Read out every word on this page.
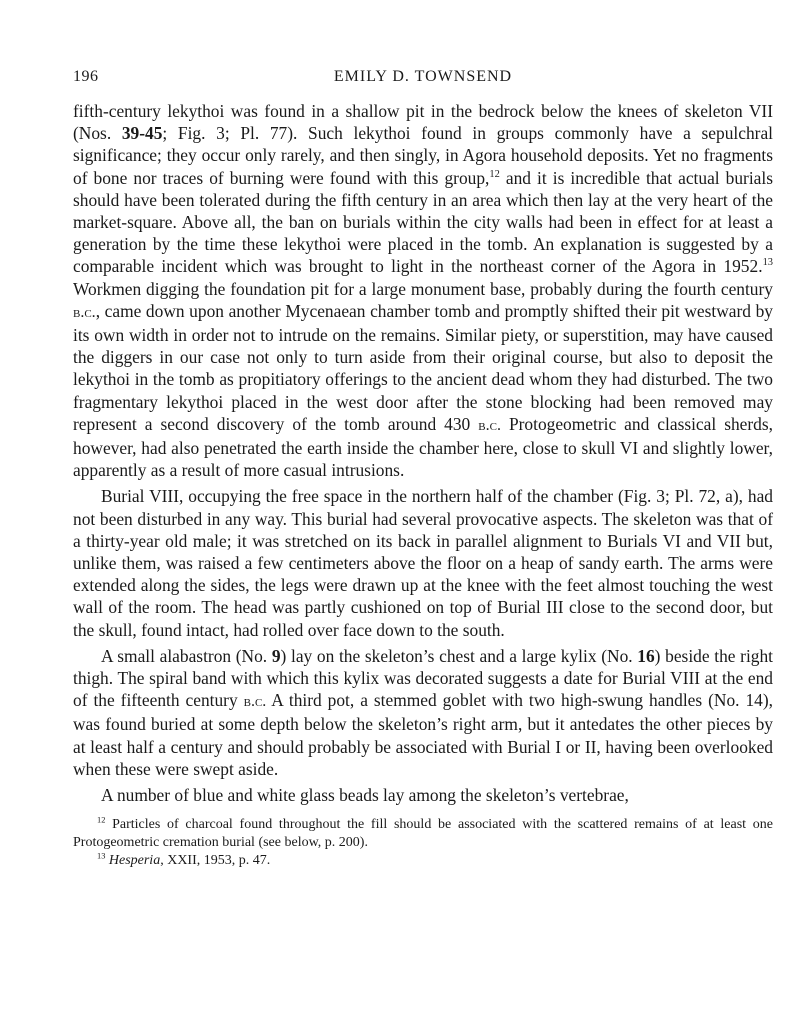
196	EMILY D. TOWNSEND

fifth-century lekythoi was found in a shallow pit in the bedrock below the knees of skeleton VII (Nos. 39-45; Fig. 3; Pl. 77). Such lekythoi found in groups commonly have a sepulchral significance; they occur only rarely, and then singly, in Agora household deposits. Yet no fragments of bone nor traces of burning were found with this group,$^{12}$ and it is incredible that actual burials should have been tolerated during the fifth century in an area which then lay at the very heart of the market-square. Above all, the ban on burials within the city walls had been in effect for at least a generation by the time these lekythoi were placed in the tomb. An explanation is suggested by a comparable incident which was brought to light in the northeast corner of the Agora in 1952.13 Workmen digging the foundation pit for a large monument base, probably during the fourth century b.c., came down upon another Mycenaean chamber tomb and promptly shifted their pit westward by its own width in order not to intrude on the remains. Similar piety, or superstition, may have caused the diggers in our case not only to turn aside from their original course, but also to deposit the lekythoi in the tomb as propitiatory offerings to the ancient dead whom they had disturbed. The two fragmentary lekythoi placed in the west door after the stone blocking had been removed may represent a second discovery of the tomb around 430 b.c. Protogeometric and classical sherds, however, had also penetrated the earth inside the chamber here, close to skull VI and slightly lower, apparently as a result of more casual intrusions.

Burial VIII, occupying the free space in the northern half of the chamber (Fig. 3; Pl. 72, a), had not been disturbed in any way. This burial had several provocative aspects. The skeleton was that of a thirty-year old male; it was stretched on its back in parallel alignment to Burials VI and VII but, unlike them, was raised a few centimeters above the floor on a heap of sandy earth. The arms were extended along the sides, the legs were drawn up at the knee with the feet almost touching the west wall of the room. The head was partly cushioned on top of Burial III close to the second door, but the skull, found intact, had rolled over face down to the south.

A small alabastron (No. 9) lay on the skeleton’s chest and a large kylix (No. 16) beside the right thigh. The spiral band with which this kylix was decorated suggests a date for Burial VIII at the end of the fifteenth century b.c. A third pot, a stemmed goblet with two high-swung handles (No. 14), was found buried at some depth below the skeleton’s right arm, but it antedates the other pieces by at least half a century and should probably be associated with Burial I or II, having been overlooked when these were swept aside.

A number of blue and white glass beads lay among the skeleton’s vertebrae,

$^{12}$ Particles of charcoal found throughout the fill should be associated with the scattered remains of at least one Protogeometric cremation burial (see below, p. 200).

$^{13}$ Hesperia, XXII, 1953, p. 47.
